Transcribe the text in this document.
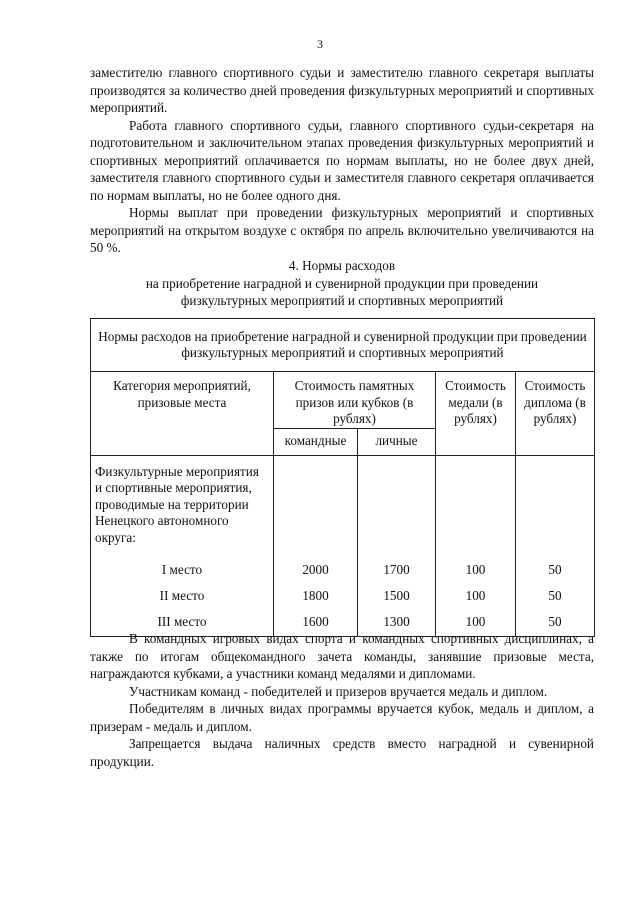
3

заместителю главного спортивного судьи и заместителю главного секретаря выплаты производятся за количество дней проведения физкультурных мероприятий и спортивных мероприятий.

Работа главного спортивного судьи, главного спортивного судьи-секретаря на подготовительном и заключительном этапах проведения физкультурных мероприятий и спортивных мероприятий оплачивается по нормам выплаты, но не более двух дней, заместителя главного спортивного судьи и заместителя главного секретаря оплачивается по нормам выплаты, но не более одного дня.

Нормы выплат при проведении физкультурных мероприятий и спортивных мероприятий на открытом воздухе с октября по апрель включительно увеличиваются на 50 %.

4. Нормы расходов
на приобретение наградной и сувенирной продукции при проведении
физкультурных мероприятий и спортивных мероприятий
Нормы расходов на приобретение наградной и сувенирной продукции при проведении физкультурных мероприятий и спортивных мероприятий				
Категория мероприятий, призовые места	Стоимость памятных призов или кубков (в рублях)		Стоимость медали (в рублях)	Стоимость диплома (в рублях)
	командные	личные		
Физкультурные мероприятия и спортивные мероприятия, проводимые на территории Ненецкого автономного округа:				
I место	2000	1700	100	50
II место	1800	1500	100	50
III место	1600	1300	100	50

В командных игровых видах спорта и командных спортивных дисциплинах, а также по итогам общекомандного зачета команды, занявшие призовые места, награждаются кубками, а участники команд медалями и дипломами.

Участникам команд - победителей и призеров вручается медаль и диплом.

Победителям в личных видах программы вручается кубок, медаль и диплом, а призерам - медаль и диплом.

Запрещается выдача наличных средств вместо наградной и сувенирной продукции.
